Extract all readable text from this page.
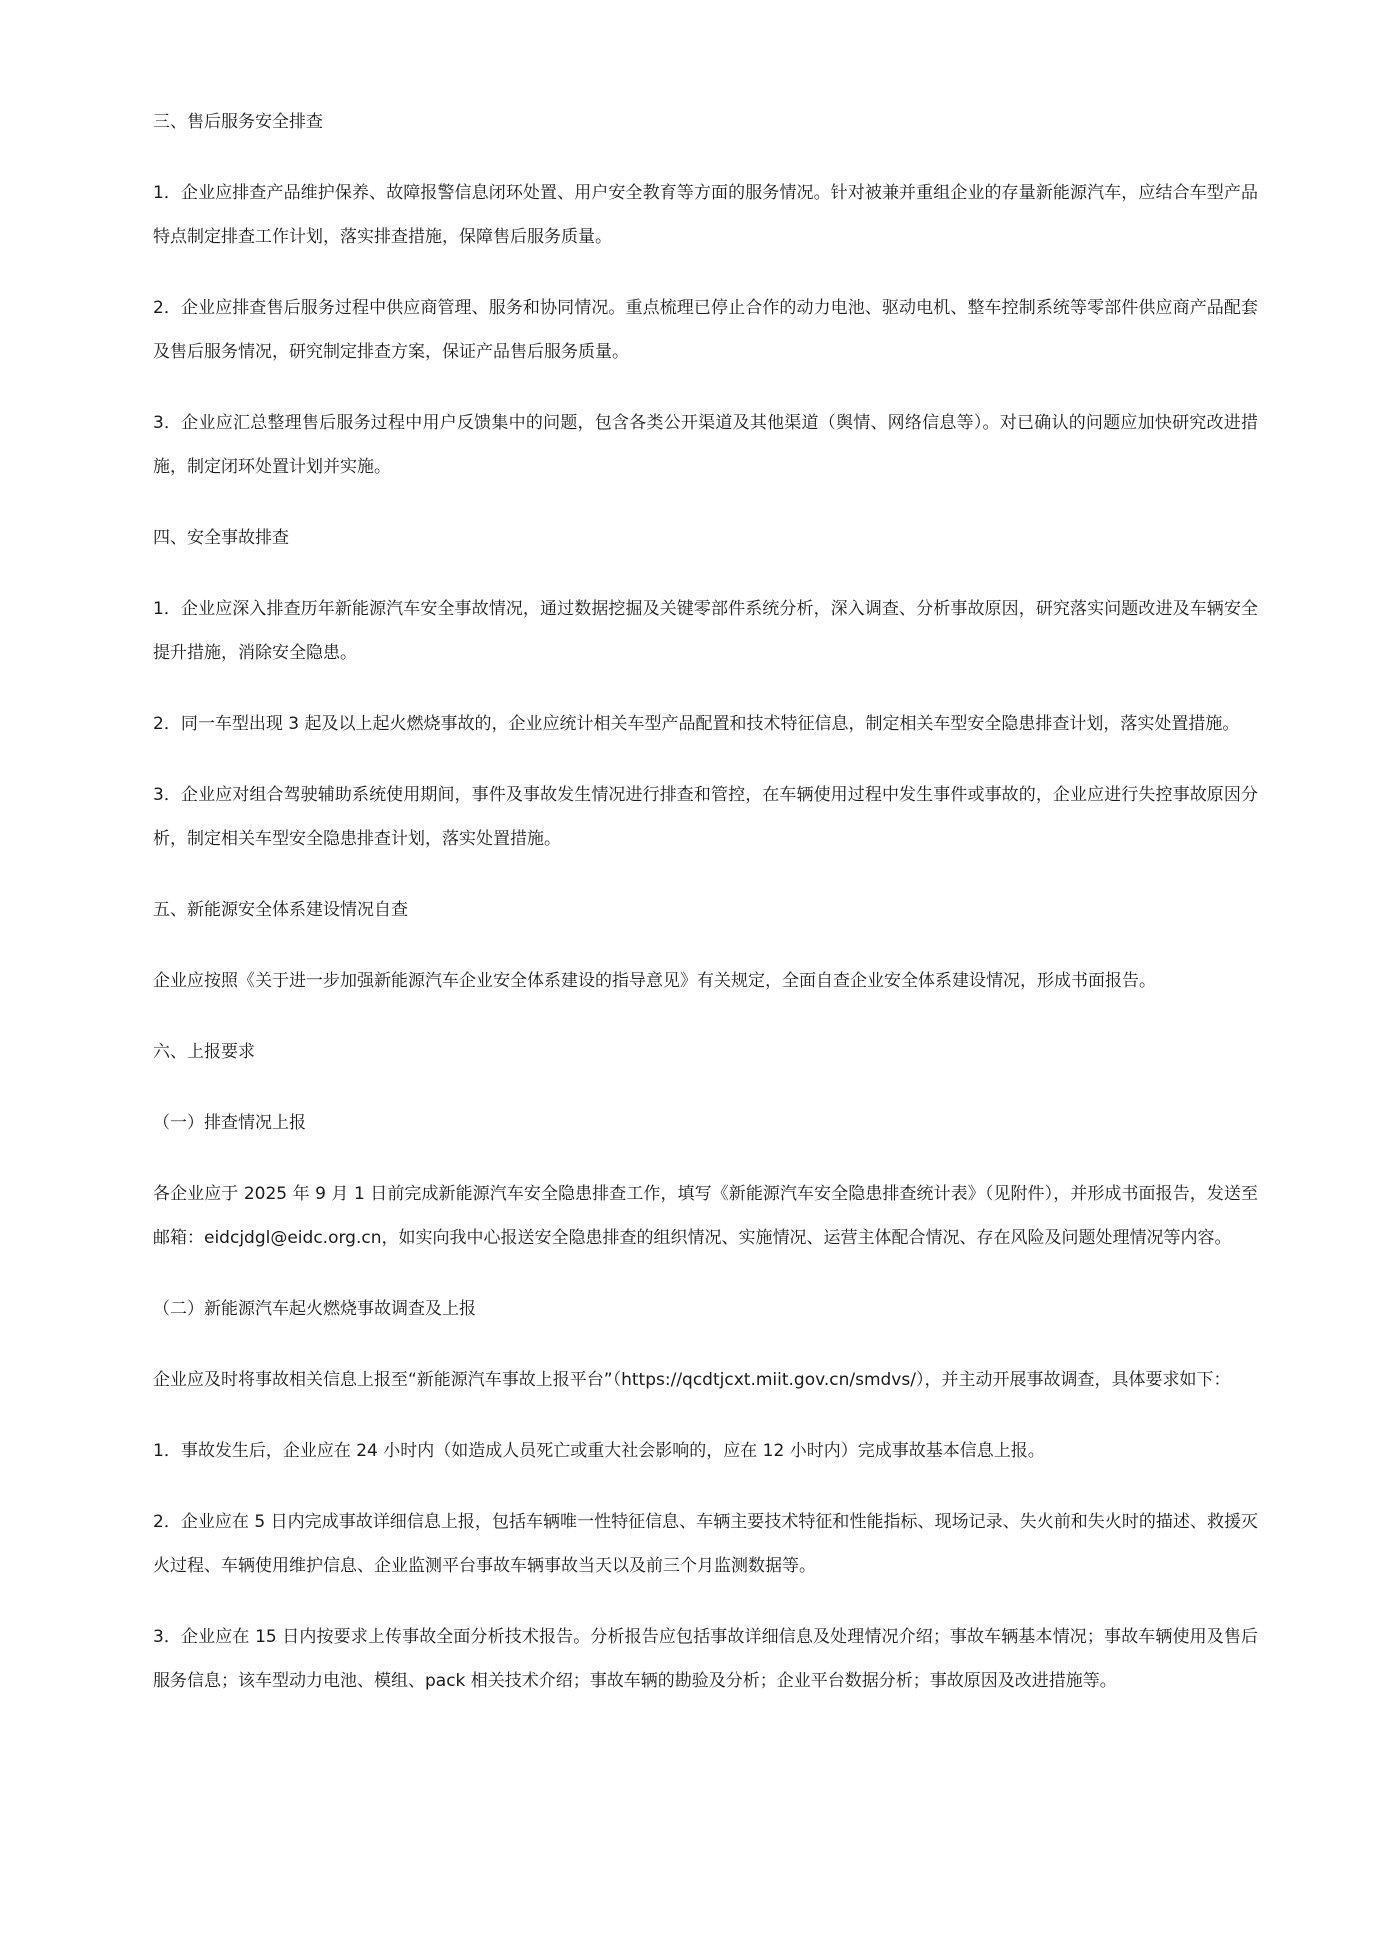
三、售后服务安全排查

1．企业应排查产品维护保养、故障报警信息闭环处置、用户安全教育等方面的服务情况。针对被兼并重组企业的存量新能源汽车，应结合车型产品特点制定排查工作计划，落实排查措施，保障售后服务质量。

2．企业应排查售后服务过程中供应商管理、服务和协同情况。重点梳理已停止合作的动力电池、驱动电机、整车控制系统等零部件供应商产品配套及售后服务情况，研究制定排查方案，保证产品售后服务质量。

3．企业应汇总整理售后服务过程中用户反馈集中的问题，包含各类公开渠道及其他渠道（舆情、网络信息等）。对已确认的问题应加快研究改进措施，制定闭环处置计划并实施。

四、安全事故排查

1．企业应深入排查历年新能源汽车安全事故情况，通过数据挖掘及关键零部件系统分析，深入调查、分析事故原因，研究落实问题改进及车辆安全提升措施，消除安全隐患。

2．同一车型出现 3 起及以上起火燃烧事故的，企业应统计相关车型产品配置和技术特征信息，制定相关车型安全隐患排查计划，落实处置措施。

3．企业应对组合驾驶辅助系统使用期间，事件及事故发生情况进行排查和管控，在车辆使用过程中发生事件或事故的，企业应进行失控事故原因分析，制定相关车型安全隐患排查计划，落实处置措施。

五、新能源安全体系建设情况自查

企业应按照《关于进一步加强新能源汽车企业安全体系建设的指导意见》有关规定，全面自查企业安全体系建设情况，形成书面报告。

六、上报要求

（一）排查情况上报

各企业应于 2025 年 9 月 1 日前完成新能源汽车安全隐患排查工作，填写《新能源汽车安全隐患排查统计表》（见附件），并形成书面报告，发送至邮箱：eidcjdgl@eidc.org.cn，如实向我中心报送安全隐患排查的组织情况、实施情况、运营主体配合情况、存在风险及问题处理情况等内容。

（二）新能源汽车起火燃烧事故调查及上报

企业应及时将事故相关信息上报至“新能源汽车事故上报平台”（https://qcdtjcxt.miit.gov.cn/smdvs/），并主动开展事故调查，具体要求如下：

1．事故发生后，企业应在 24 小时内（如造成人员死亡或重大社会影响的，应在 12 小时内）完成事故基本信息上报。

2．企业应在 5 日内完成事故详细信息上报，包括车辆唯一性特征信息、车辆主要技术特征和性能指标、现场记录、失火前和失火时的描述、救援灭火过程、车辆使用维护信息、企业监测平台事故车辆事故当天以及前三个月监测数据等。

3．企业应在 15 日内按要求上传事故全面分析技术报告。分析报告应包括事故详细信息及处理情况介绍；事故车辆基本情况；事故车辆使用及售后服务信息；该车型动力电池、模组、pack 相关技术介绍；事故车辆的勘验及分析；企业平台数据分析；事故原因及改进措施等。
